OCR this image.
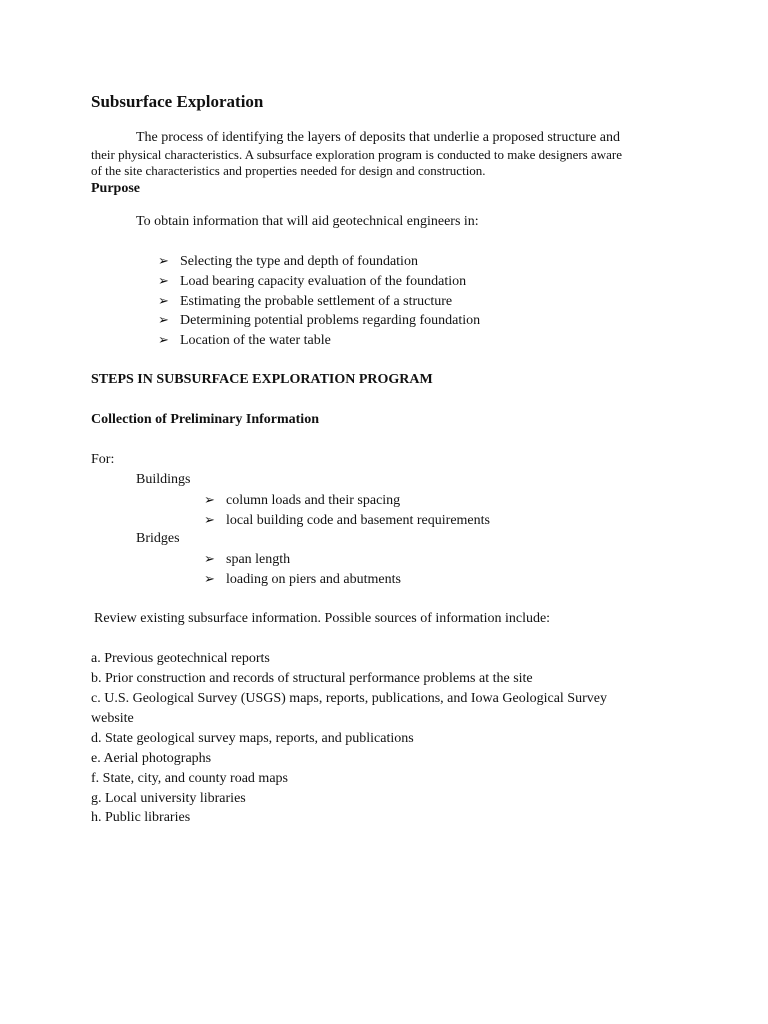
Subsurface Exploration
The process of identifying the layers of deposits that underlie a proposed structure and
their physical characteristics. A subsurface exploration program is conducted to make designers aware
of the site characteristics and properties needed for design and construction.
Purpose
To obtain information that will aid geotechnical engineers in:
➢ Selecting the type and depth of foundation
➢ Load bearing capacity evaluation of the foundation
➢ Estimating the probable settlement of a structure
➢ Determining potential problems regarding foundation
➢ Location of the water table
STEPS IN SUBSURFACE EXPLORATION PROGRAM
Collection of Preliminary Information
For:
Buildings
➢ column loads and their spacing
➢ local building code and basement requirements
Bridges
➢ span length
➢ loading on piers and abutments
Review existing subsurface information. Possible sources of information include:
a. Previous geotechnical reports
b. Prior construction and records of structural performance problems at the site
c. U.S. Geological Survey (USGS) maps, reports, publications, and Iowa Geological Survey
website
d. State geological survey maps, reports, and publications
e. Aerial photographs
f. State, city, and county road maps
g. Local university libraries
h. Public libraries
